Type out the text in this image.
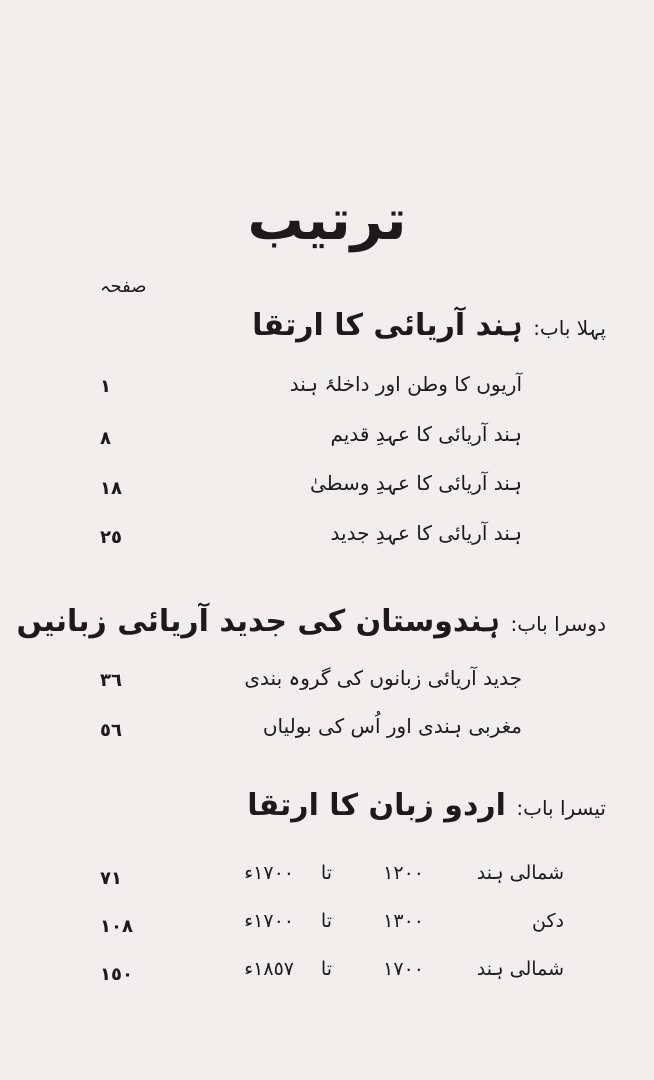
ترتیب
صفحہ
پہلا باب: ہند آریائی کا ارتقا
آریوں کا وطن اور داخلۂ ہند
١
ہند آریائی کا عہدِ قدیم
٨
ہند آریائی کا عہدِ وسطیٰ
١٨
ہند آریائی کا عہدِ جدید
٢٥
دوسرا باب: ہندوستان کی جدید آریائی زبانیں
جدید آریائی زبانوں کی گروہ بندی
٣٦
مغربی ہندی اور اُس کی بولیاں
٥٦
تیسرا باب: اردو زبان کا ارتقا
شمالی ہند
١٢٠٠
تا
١٧٠٠ء
دکن
١٣٠٠
تا
١٧٠٠ء
شمالی ہند
١٧٠٠
تا
١٨٥٧ء
٧١
١٠٨
١٥٠
